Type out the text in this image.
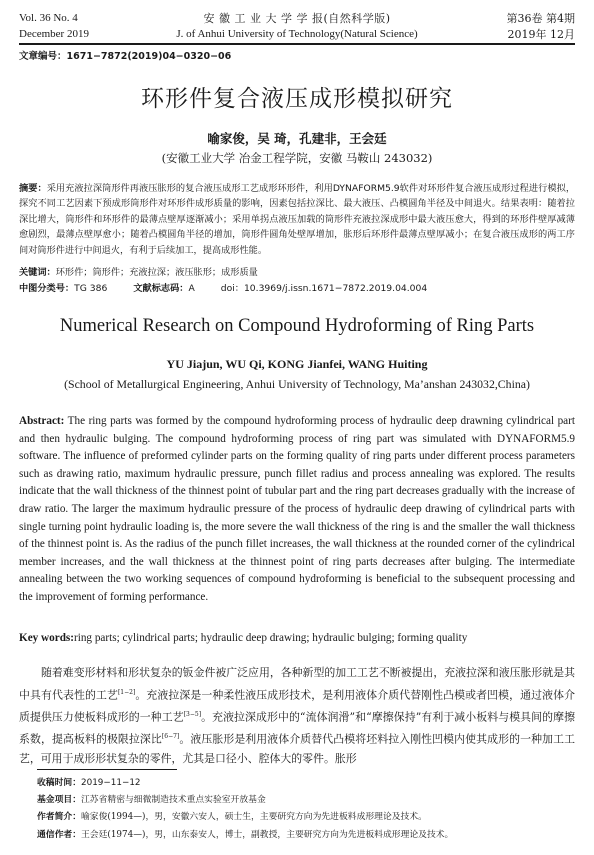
Vol. 36 No. 4
December 2019
安 徽 工 业 大 学 学 报(自然科学版)
J. of Anhui University of Technology(Natural Science)
第36卷 第4期
2019年 12月
文章编号：1671−7872(2019)04−0320−06
环形件复合液压成形模拟研究
喻家俊，吴 琦，孔建非，王会廷
(安徽工业大学 冶金工程学院，安徽 马鞍山 243032)
摘要：采用充液拉深筒形件再液压胀形的复合液压成形工艺成形环形件，利用DYNAFORM5.9软件对环形件复合液压成形过程进行模拟，探究不同工艺因素下预成形筒形件对环形件成形质量的影响，因素包括拉深比、最大液压、凸模圆角半径及中间退火。结果表明：随着拉深比增大，筒形件和环形件的最薄点壁厚逐渐减小；采用单拐点液压加载的筒形件充液拉深成形中最大液压愈大，得到的环形件壁厚减薄愈剧烈，最薄点壁厚愈小；随着凸模圆角半径的增加，筒形件圆角处壁厚增加，胀形后环形件最薄点壁厚减小；在复合液压成形的两工序间对筒形件进行中间退火，有利于后续加工，提高成形性能。
关键词：环形件；筒形件；充液拉深；液压胀形；成形质量
中图分类号：TG 386	文献标志码：A	doi：10.3969/j.issn.1671−7872.2019.04.004
Numerical Research on Compound Hydroforming of Ring Parts
YU Jiajun, WU Qi, KONG Jianfei, WANG Huiting
(School of Metallurgical Engineering, Anhui University of Technology, Ma’anshan 243032,China)
Abstract: The ring parts was formed by the compound hydroforming process of hydraulic deep drawning cylindrical part and then hydraulic bulging. The compound hydroforming process of ring part was simulated with DYNAFORM5.9 software. The influence of preformed cylinder parts on the forming quality of ring parts under different process parameters such as drawing ratio, maximum hydraulic pressure, punch fillet radius and process annealing was explored. The results indicate that the wall thickness of the thinnest point of tubular part and the ring part decreases gradually with the increase of draw ratio. The larger the maximum hydraulic pressure of the process of hydraulic deep drawing of cylindrical parts with single turning point hydraulic loading is, the more severe the wall thickness of the ring is and the smaller the wall thickness of the thinnest point is. As the radius of the punch fillet increases, the wall thickness at the rounded corner of the cylindrical member increases, and the wall thickness at the thinnest point of ring parts decreases after bulging. The intermediate annealing between the two working sequences of compound hydroforming is beneficial to the subsequent processing and the improvement of forming performance.
Key words:ring parts; cylindrical parts; hydraulic deep drawing; hydraulic bulging; forming quality
随着难变形材料和形状复杂的钣金件被广泛应用，各种新型的加工工艺不断被提出，充液拉深和液压胀形就是其中具有代表性的工艺[1−2]。充液拉深是一种柔性液压成形技术，是利用液体介质代替刚性凸模或者凹模，通过液体介质提供压力使板料成形的一种工艺[3−5]。充液拉深成形中的“流体润滑”和“摩擦保持”有利于减小板料与模具间的摩擦系数，提高板料的极限拉深比[6−7]。液压胀形是利用液体介质替代凸模将坯料拉入刚性凹模内使其成形的一种加工工艺，可用于成形形状复杂的零件，尤其是口径小、腔体大的零件。胀形
收稿时间：2019−11−12
基金项目：江苏省精密与细微制造技术重点实验室开放基金
作者简介：喻家俊(1994—)，男，安徽六安人，硕士生，主要研究方向为先进板料成形理论及技术。
通信作者：王会廷(1974—)，男，山东泰安人，博士，副教授，主要研究方向为先进板料成形理论及技术。
